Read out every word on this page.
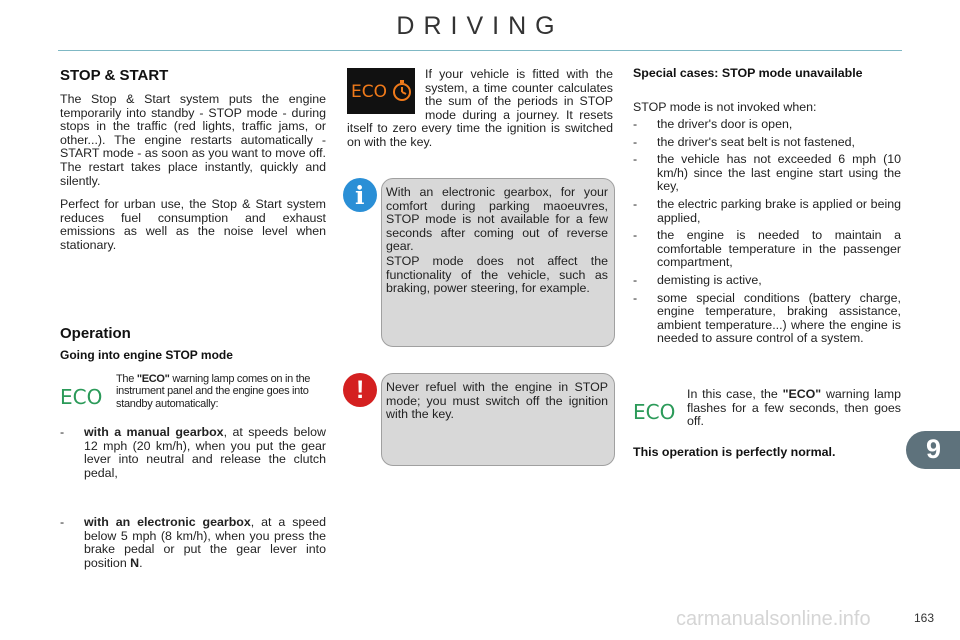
DRIVING
STOP & START

The Stop & Start system puts the engine temporarily into standby - STOP mode - during stops in the traffic (red lights, traffic jams, or other...). The engine restarts automatically - START mode - as soon as you want to move off. The restart takes place instantly, quickly and silently.

Perfect for urban use, the Stop & Start system reduces fuel consumption and exhaust emissions as well as the noise level when stationary.

Operation
Going into engine STOP mode
ECO

The "ECO" warning lamp comes on in the instrument panel and the engine goes into standby automatically:

- with a manual gearbox, at speeds below 12 mph (20 km/h), when you put the gear lever into neutral and release the clutch pedal,
- with an electronic gearbox, at a speed below 5 mph (8 km/h), when you press the brake pedal or put the gear lever into position N.
ECO

If your vehicle is fitted with the system, a time counter calculates the sum of the periods in STOP mode during a journey. It resets itself to zero every time the ignition is switched on with the key.

With an electronic gearbox, for your comfort during parking maoeuvres, STOP mode is not available for a few seconds after coming out of reverse gear.

STOP mode does not affect the functionality of the vehicle, such as braking, power steering, for example.

i

Never refuel with the engine in STOP mode; you must switch off the ignition with the key.

!
Special cases: STOP mode unavailable
STOP mode is not invoked when:
- the driver's door is open,
- the driver's seat belt is not fastened,
- the vehicle has not exceeded 6 mph (10 km/h) since the last engine start using the key,
- the electric parking brake is applied or being applied,
- the engine is needed to maintain a comfortable temperature in the passenger compartment,
- demisting is active,
- some special conditions (battery charge, engine temperature, braking assistance, ambient temperature...) where the engine is needed to assure control of a system.
ECO

In this case, the "ECO" warning lamp flashes for a few seconds, then goes off.

This operation is perfectly normal.	9
carmanualsonline.info	163
